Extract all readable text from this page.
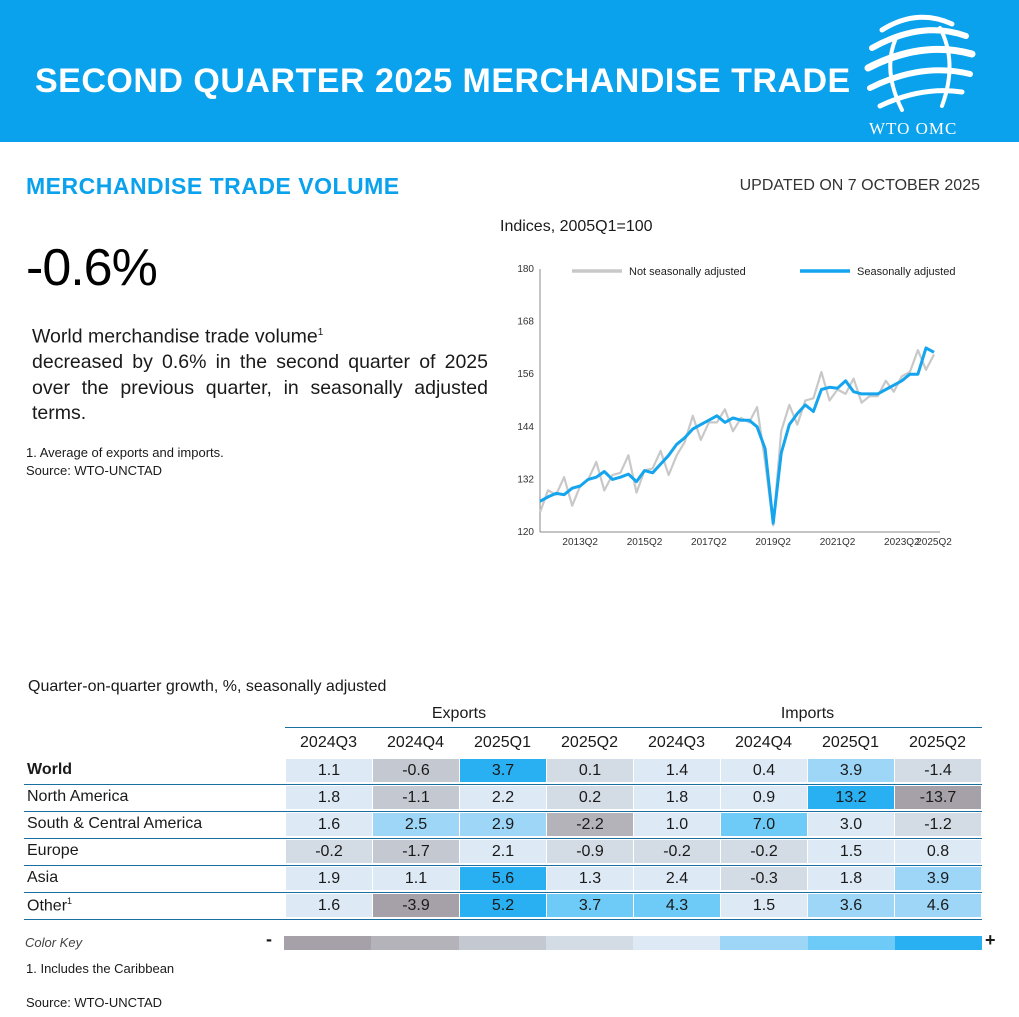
SECOND QUARTER 2025 MERCHANDISE TRADE
WTO OMC
MERCHANDISE TRADE VOLUME	UPDATED ON 7 OCTOBER 2025
-0.6%
World merchandise trade volume$^1$
decreased by 0.6% in the second quarter of 2025 over the previous quarter, in seasonally adjusted terms.
1. Average of exports and imports.
Source: WTO-UNCTAD
Indices, 2005Q1=100
120
132
144
156
168
180
2013Q2	2015Q2	2017Q2	2019Q2	2021Q2	2023Q2
2025Q2
Not seasonally adjusted	Seasonally adjusted
Quarter-on-quarter growth, %, seasonally adjusted
Exports	Imports
2024Q3	2024Q4	2025Q1	2025Q2	2024Q3	2024Q4	2025Q1	2025Q2
World	1.1	-0.6	3.7	0.1	1.4	0.4	3.9	-1.4
North America	1.8	-1.1	2.2	0.2	1.8	0.9	13.2	-13.7
South & Central America	1.6	2.5	2.9	-2.2	1.0	7.0	3.0	-1.2
Europe	-0.2	-1.7	2.1	-0.9	-0.2	-0.2	1.5	0.8
Asia	1.9	1.1	5.6	1.3	2.4	-0.3	1.8	3.9
Other$^1$	1.6	-3.9	5.2	3.7	4.3	1.5	3.6	4.6
Color Key	-	+
1. Includes the Caribbean
Source: WTO-UNCTAD
